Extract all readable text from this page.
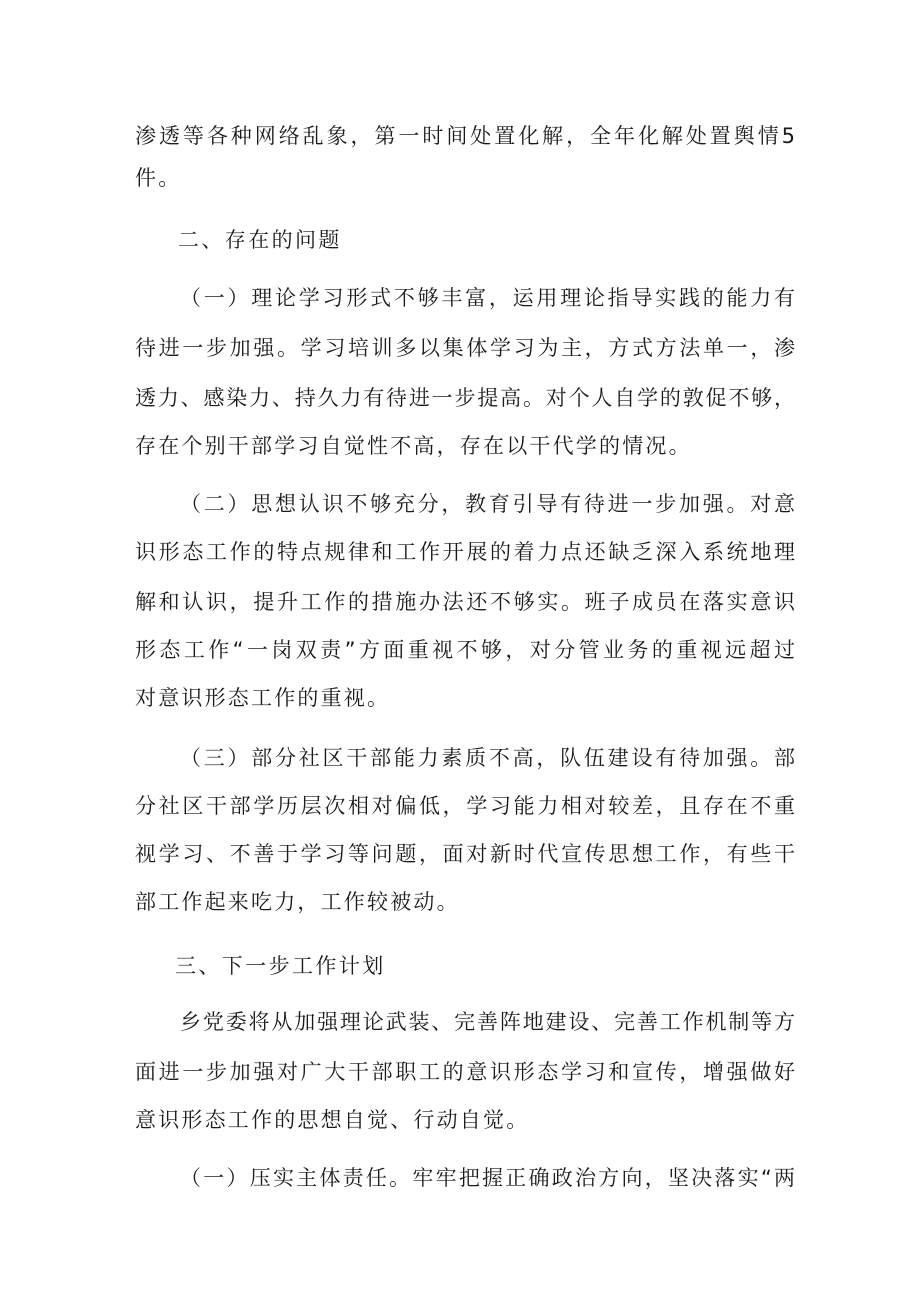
渗透等各种网络乱象，第一时间处置化解，全年化解处置舆情5
件。
二、存在的问题
（一）理论学习形式不够丰富，运用理论指导实践的能力有
待进一步加强。学习培训多以集体学习为主，方式方法单一，渗
透力、感染力、持久力有待进一步提高。对个人自学的敦促不够，
存在个别干部学习自觉性不高，存在以干代学的情况。
（二）思想认识不够充分，教育引导有待进一步加强。对意
识形态工作的特点规律和工作开展的着力点还缺乏深入系统地理
解和认识，提升工作的措施办法还不够实。班子成员在落实意识
形态工作“一岗双责”方面重视不够，对分管业务的重视远超过
对意识形态工作的重视。
（三）部分社区干部能力素质不高，队伍建设有待加强。部
分社区干部学历层次相对偏低，学习能力相对较差，且存在不重
视学习、不善于学习等问题，面对新时代宣传思想工作，有些干
部工作起来吃力，工作较被动。
三、下一步工作计划
乡党委将从加强理论武装、完善阵地建设、完善工作机制等方
面进一步加强对广大干部职工的意识形态学习和宣传，增强做好
意识形态工作的思想自觉、行动自觉。
（一）压实主体责任。牢牢把握正确政治方向，坚决落实“两
